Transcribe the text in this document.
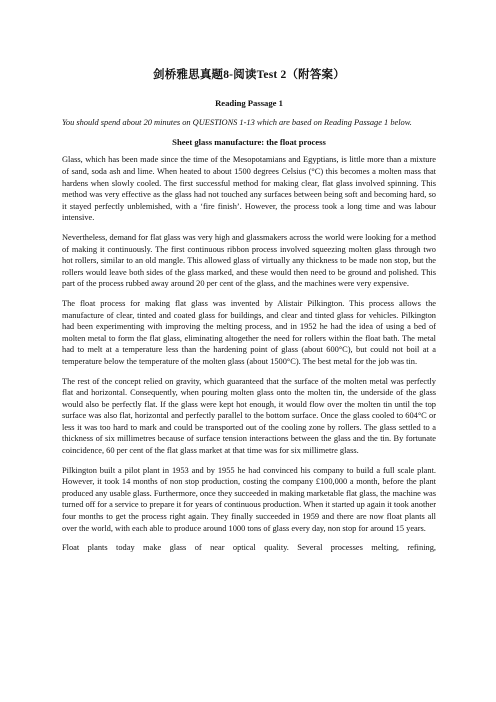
剑桥雅思真题8-阅读Test 2（附答案）
Reading Passage 1

You should spend about 20 minutes on QUESTIONS 1-13 which are based on Reading Passage 1 below.

Sheet glass manufacture: the float process

Glass, which has been made since the time of the Mesopotamians and Egyptians, is little more than a mixture of sand, soda ash and lime. When heated to about 1500 degrees Celsius (°C) this becomes a molten mass that hardens when slowly cooled. The first successful method for making clear, flat glass involved spinning. This method was very effective as the glass had not touched any surfaces between being soft and becoming hard, so it stayed perfectly unblemished, with a ‘fire finish’. However, the process took a long time and was labour intensive.

Nevertheless, demand for flat glass was very high and glassmakers across the world were looking for a method of making it continuously. The first continuous ribbon process involved squeezing molten glass through two hot rollers, similar to an old mangle. This allowed glass of virtually any thickness to be made non stop, but the rollers would leave both sides of the glass marked, and these would then need to be ground and polished. This part of the process rubbed away around 20 per cent of the glass, and the machines were very expensive.

The float process for making flat glass was invented by Alistair Pilkington. This process allows the manufacture of clear, tinted and coated glass for buildings, and clear and tinted glass for vehicles. Pilkington had been experimenting with improving the melting process, and in 1952 he had the idea of using a bed of molten metal to form the flat glass, eliminating altogether the need for rollers within the float bath. The metal had to melt at a temperature less than the hardening point of glass (about 600°C), but could not boil at a temperature below the temperature of the molten glass (about 1500°C). The best metal for the job was tin.

The rest of the concept relied on gravity, which guaranteed that the surface of the molten metal was perfectly flat and horizontal. Consequently, when pouring molten glass onto the molten tin, the underside of the glass would also be perfectly flat. If the glass were kept hot enough, it would flow over the molten tin until the top surface was also flat, horizontal and perfectly parallel to the bottom surface. Once the glass cooled to 604°C or less it was too hard to mark and could be transported out of the cooling zone by rollers. The glass settled to a thickness of six millimetres because of surface tension interactions between the glass and the tin. By fortunate coincidence, 60 per cent of the flat glass market at that time was for six millimetre glass.

Pilkington built a pilot plant in 1953 and by 1955 he had convinced his company to build a full scale plant. However, it took 14 months of non stop production, costing the company £100,000 a month, before the plant produced any usable glass. Furthermore, once they succeeded in making marketable flat glass, the machine was turned off for a service to prepare it for years of continuous production. When it started up again it took another four months to get the process right again. They finally succeeded in 1959 and there are now float plants all over the world, with each able to produce around 1000 tons of glass every day, non stop for around 15 years.

Float plants today make glass of near optical quality. Several processes melting, refining,
